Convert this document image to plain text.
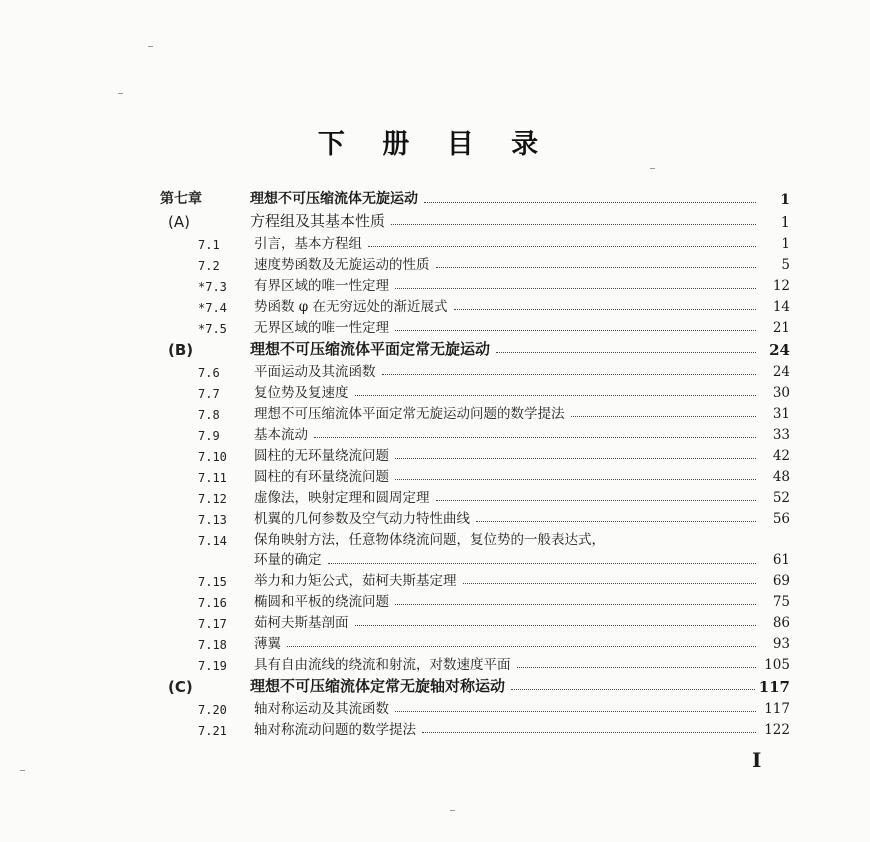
下 册 目 录
第七章	理想不可压缩流体无旋运动	1
(A)	方程组及其基本性质	1
7.1	引言，基本方程组	1
7.2	速度势函数及无旋运动的性质	5
*7.3	有界区域的唯一性定理	12
*7.4	势函数 φ 在无穷远处的渐近展式	14
*7.5	无界区域的唯一性定理	21
(B)	理想不可压缩流体平面定常无旋运动	24
7.6	平面运动及其流函数	24
7.7	复位势及复速度	30
7.8	理想不可压缩流体平面定常无旋运动问题的数学提法	31
7.9	基本流动	33
7.10	圆柱的无环量绕流问题	42
7.11	圆柱的有环量绕流问题	48
7.12	虚像法，映射定理和圆周定理	52
7.13	机翼的几何参数及空气动力特性曲线	56
7.14	保角映射方法，任意物体绕流问题，复位势的一般表达式，
环量的确定	61
7.15	举力和力矩公式，茹柯夫斯基定理	69
7.16	椭圆和平板的绕流问题	75
7.17	茹柯夫斯基剖面	86
7.18	薄翼	93
7.19	具有自由流线的绕流和射流，对数速度平面	105
(C)	理想不可压缩流体定常无旋轴对称运动	117
7.20	轴对称运动及其流函数	117
7.21	轴对称流动问题的数学提法	122
I
